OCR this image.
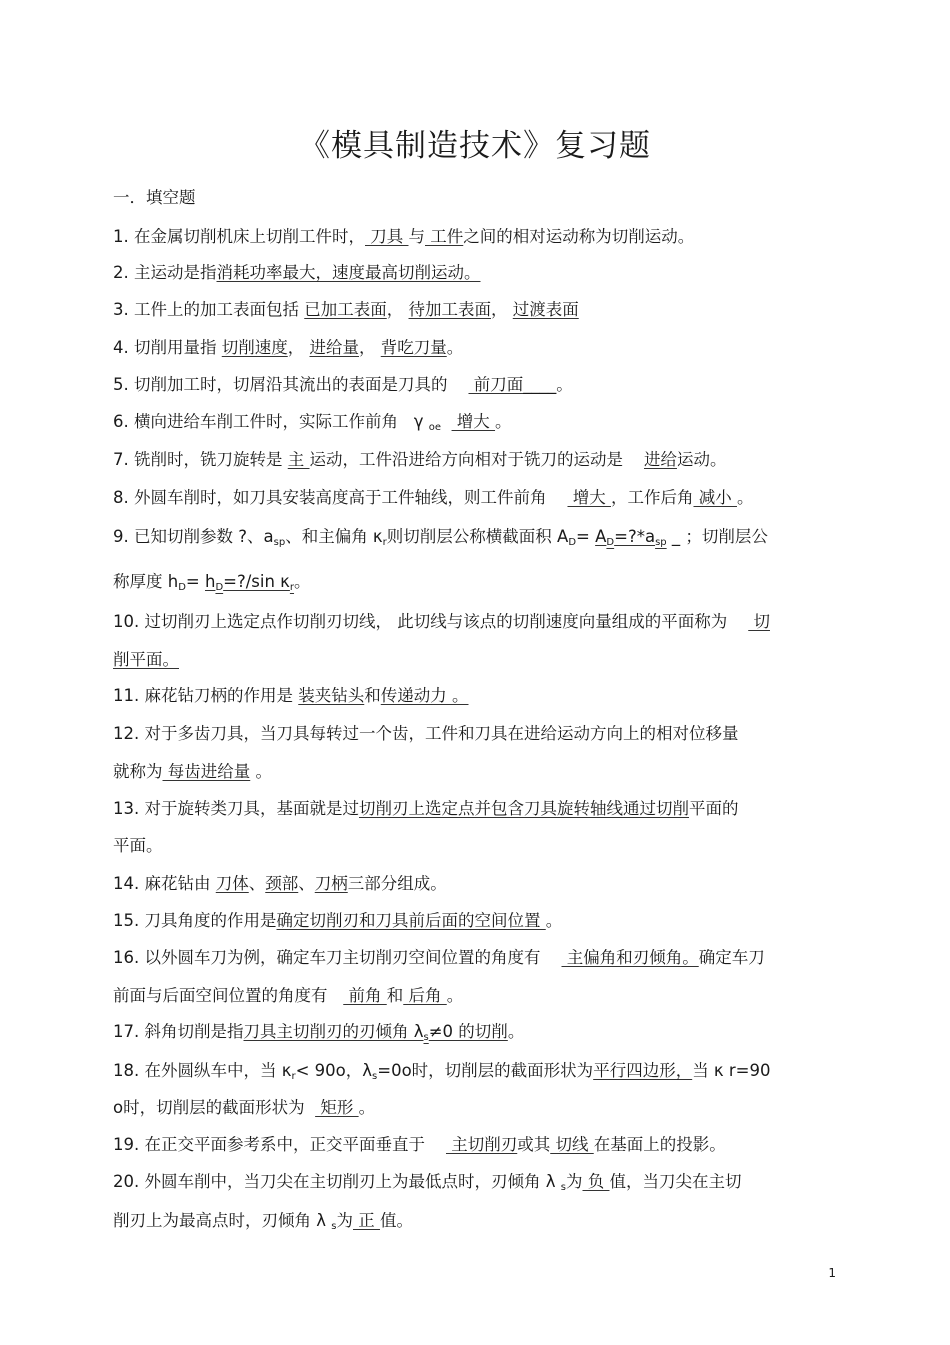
《模具制造技术》复习题
一．填空题
1. 在金属切削机床上切削工件时， 刀具 与 工件之间的相对运动称为切削运动。
2. 主运动是指消耗功率最大，速度最高切削运动。
3. 工件上的加工表面包括 已加工表面， 待加工表面， 过渡表面
4. 切削用量指 切削速度， 进给量， 背吃刀量。
5. 切削加工时，切屑沿其流出的表面是刀具的     前刀面____。
6. 横向进给车削工件时，实际工作前角 γ $_{oe}$   增大 。
7. 铣削时，铣刀旋转是 主 运动，工件沿进给方向相对于铣刀的运动是 进给运动。
8. 外圆车削时，如刀具安装高度高于工件轴线，则工件前角     增大 ，工作后角 减小 。
9. 已知切削参数 ?、$a_{sp}$、和主偏角 $\kappa_r$则切削层公称横截面积 $A_D=$ $A_D=?*a_{sp}$ _ ；切削层公
称厚度 $h_D=$ $h_D=?/\sin$ $\kappa_r$。
10. 过切削刃上选定点作切削刃切线， 此切线与该点的切削速度向量组成的平面称为     切
削平面。
11. 麻花钻刀柄的作用是 装夹钻头和传递动力 。
12. 对于多齿刀具，当刀具每转过一个齿，工件和刀具在进给运动方向上的相对位移量
就称为 每齿进给量 。
13. 对于旋转类刀具，基面就是过切削刃上选定点并包含刀具旋转轴线通过切削平面的
平面。
14. 麻花钻由 刀体、颈部、刀柄三部分组成。
15. 刀具角度的作用是确定切削刃和刀具前后面的空间位置 。
16. 以外圆车刀为例，确定车刀主切削刃空间位置的角度有     主偏角和刃倾角。确定车刀
前面与后面空间位置的角度有    前角 和 后角 。
17. 斜角切削是指刀具主切削刃的刃倾角 $\lambda_s\ne 0$ 的切削。
18. 在外圆纵车中，当 $\kappa_r< 90o$，$\lambda_s=0o$时，切削层的截面形状为平行四边形，当 κ r=90
o时，切削层的截面形状为   矩形 。
19. 在正交平面参考系中，正交平面垂直于     主切削刃或其 切线 在基面上的投影。
20. 外圆车削中，当刀尖在主切削刃上为最低点时，刃倾角 λ $_s$为 负 值，当刀尖在主切
削刃上为最高点时，刃倾角 λ $_s$为 正 值。
1
